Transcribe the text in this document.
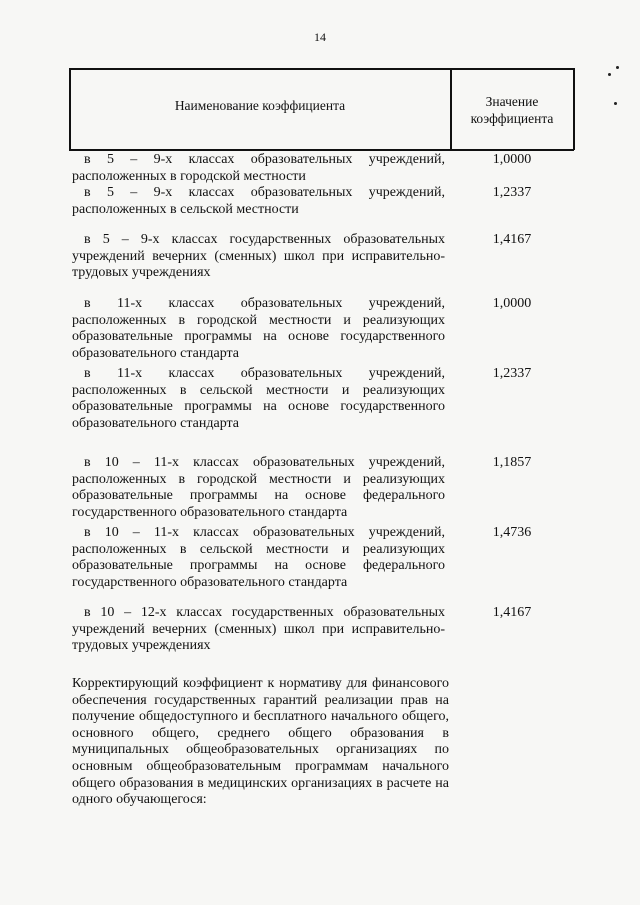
14
Наименование коэффициента	Значение
коэффициента
в 5 – 9-х классах образовательных учреждений, расположенных в городской местности
1,0000
в 5 – 9-х классах образовательных учреждений, расположенных в сельской местности
1,2337
в 5 – 9-х классах государственных образовательных учреждений вечерних (сменных) школ при исправительно-трудовых учреждениях
1,4167
в 11-х классах образовательных учреждений, расположенных в городской местности и реализующих образовательные программы на основе государственного образовательного стандарта
1,0000
в 11-х классах образовательных учреждений, расположенных в сельской местности и реализующих образовательные программы на основе государственного образовательного стандарта
1,2337
в 10 – 11-х классах образовательных учреждений, расположенных в городской местности и реализующих образовательные программы на основе федерального государственного образовательного стандарта
1,1857
в 10 – 11-х классах образовательных учреждений, расположенных в сельской местности и реализующих образовательные программы на основе федерального государственного образовательного стандарта
1,4736
в 10 – 12-х классах государственных образовательных учреждений вечерних (сменных) школ при исправительно-трудовых учреждениях
1,4167
Корректирующий коэффициент к нормативу для финансового обеспечения государственных гарантий реализации прав на получение общедоступного и бесплатного начального общего, основного общего, среднего общего образования в муниципальных общеобразовательных организациях по основным общеобразовательным программам начального общего образования в медицинских организациях в расчете на одного обучающегося:
